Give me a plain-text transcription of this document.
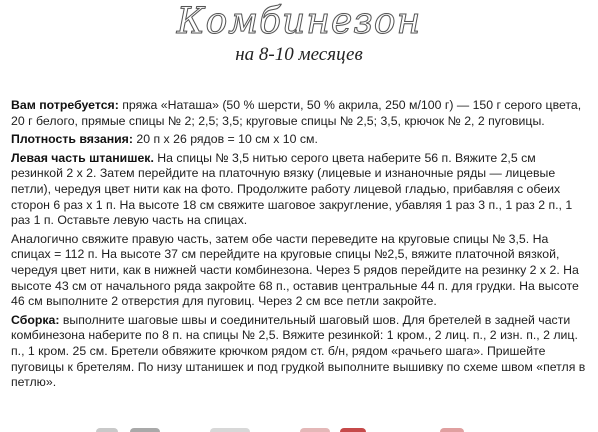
Комбинезон
на 8-10 месяцев

Вам потребуется: пряжа «Наташа» (50 % шерсти, 50 % акрила, 250 м/100 г) — 150 г серого цвета, 20 г белого, прямые спицы № 2; 2,5; 3,5; круговые спицы № 2,5; 3,5, крючок № 2, 2 пуговицы.

Плотность вязания: 20 п x 26 рядов = 10 см x 10 см.

Левая часть штанишек. На спицы № 3,5 нитью серого цвета наберите 56 п. Вяжите 2,5 см резинкой 2 x 2. Затем перейдите на платочную вязку (лицевые и изнаночные ряды — лицевые петли), чередуя цвет нити как на фото. Продолжите работу лицевой гладью, прибавляя с обеих сторон 6 раз x 1 п. На высоте 18 см свяжите шаговое закругление, убавляя 1 раз 3 п., 1 раз 2 п., 1 раз 1 п. Оставьте левую часть на спицах.

Аналогично свяжите правую часть, затем обе части переведите на круговые спицы № 3,5. На спицах = 112 п. На высоте 37 см перейдите на круговые спицы №2,5, вяжите платочной вязкой, чередуя цвет нити, как в нижней части комбинезона. Через 5 рядов перейдите на резинку 2 x 2. На высоте 43 см от начального ряда закройте 68 п., оставив центральные 44 п. для грудки. На высоте 46 см выполните 2 отверстия для пуговиц. Через 2 см все петли закройте.

Сборка: выполните шаговые швы и соединительный шаговый шов. Для бретелей в задней части комбинезона наберите по 8 п. на спицы № 2,5. Вяжите резинкой: 1 кром., 2 лиц. п., 2 изн. п., 2 лиц. п., 1 кром. 25 см. Бретели обвяжите крючком рядом ст. б/н, рядом «рачьего шага». Пришейте пуговицы к бретелям. По низу штанишек и под грудкой выполните вышивку по схеме швом «петля в петлю».
